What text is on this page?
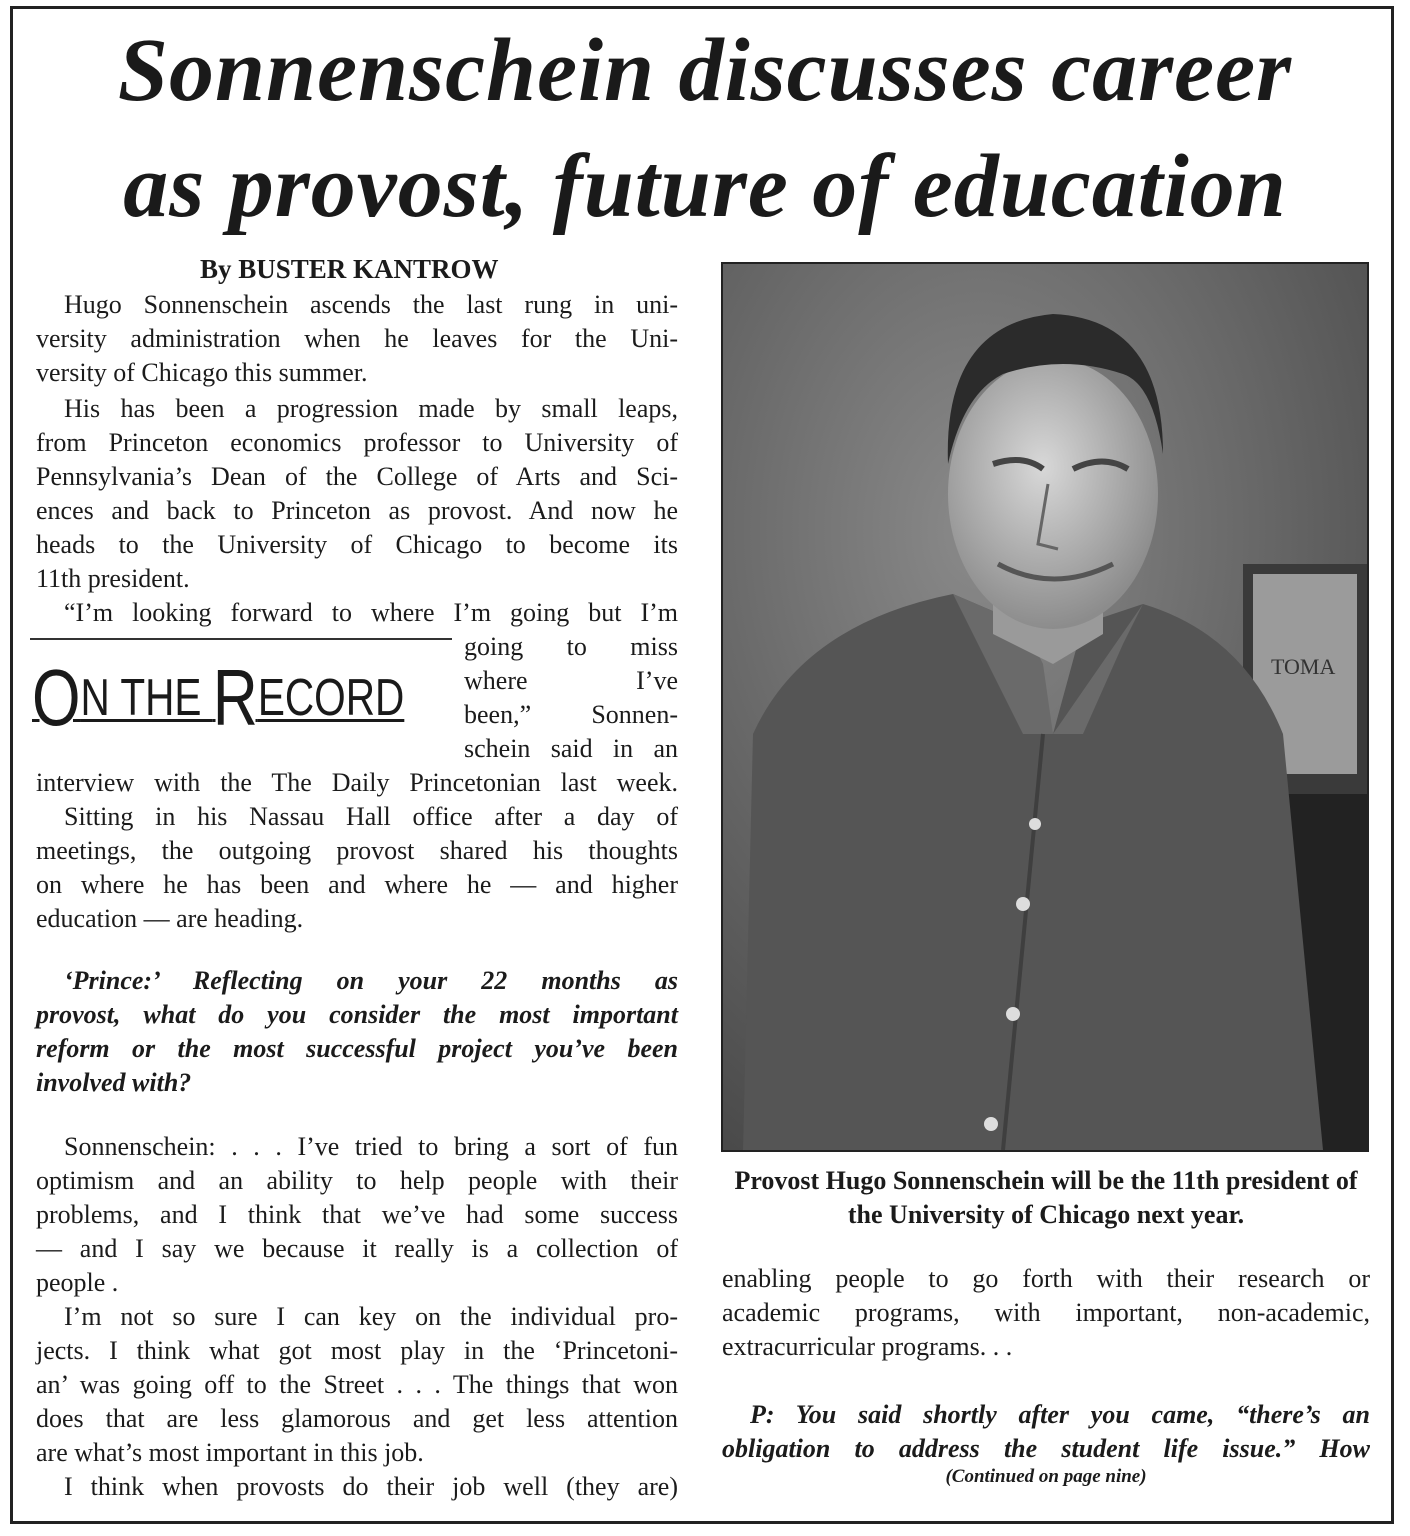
Sonnenschein discusses career
as provost, future of education

By BUSTER KANTROW

Hugo Sonnenschein ascends the last rung in uni-
versity administration when he leaves for the Uni-
versity of Chicago this summer.
His has been a progression made by small leaps,
from Princeton economics professor to University of
Pennsylvania’s Dean of the College of Arts and Sci-
ences and back to Princeton as provost. And now he
heads to the University of Chicago to become its
11th president.
“I’m looking forward to where I’m going but I’m
going to miss
where I’ve
been,” Sonnen-
schein said in an
interview with the The Daily Princetonian last week.
Sitting in his Nassau Hall office after a day of
meetings, the outgoing provost shared his thoughts
on where he has been and where he — and higher
education — are heading.
‘Prince:’ Reflecting on your 22 months as
provost, what do you consider the most important
reform or the most successful project you’ve been
involved with?
Sonnenschein: . . . I’ve tried to bring a sort of fun
optimism and an ability to help people with their
problems, and I think that we’ve had some success
— and I say we because it really is a collection of
people .
I’m not so sure I can key on the individual pro-
jects. I think what got most play in the ‘Princetoni-
an’ was going off to the Street . . . The things that won
does that are less glamorous and get less attention
are what’s most important in this job.
I think when provosts do their job well (they are)
ON THE RECORD
TOMA

Provost Hugo Sonnenschein will be the 11th president of the University of Chicago next year.

enabling people to go forth with their research or
academic programs, with important, non-academic,
extracurricular programs. . .
P: You said shortly after you came, “there’s an
obligation to address the student life issue.” How

(Continued on page nine)
